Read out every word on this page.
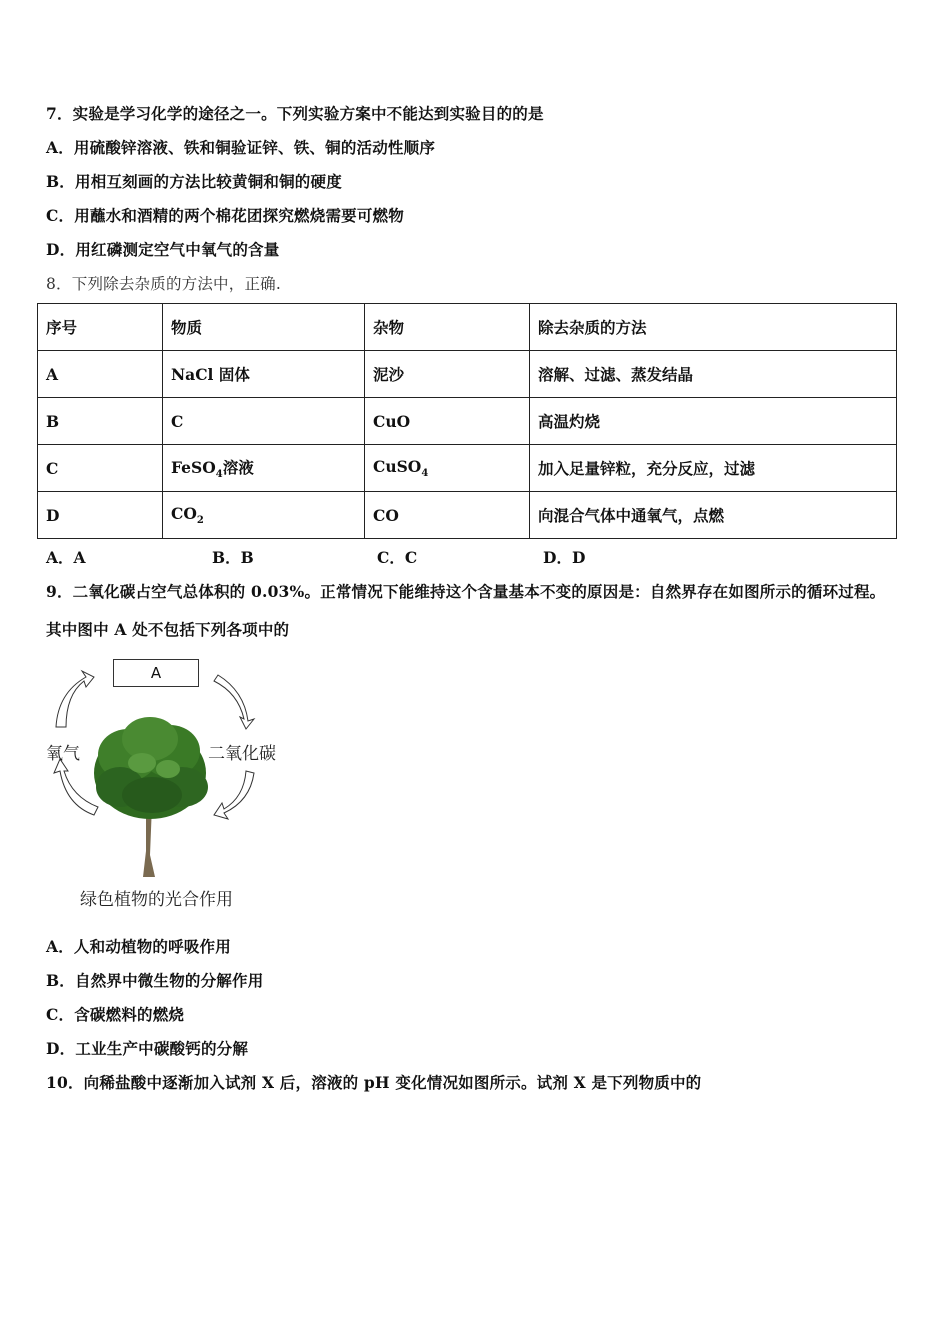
7．实验是学习化学的途径之一。下列实验方案中不能达到实验目的的是
A．用硫酸锌溶液、铁和铜验证锌、铁、铜的活动性顺序
B．用相互刻画的方法比较黄铜和铜的硬度
C．用蘸水和酒精的两个棉花团探究燃烧需要可燃物
D．用红磷测定空气中氧气的含量
8．下列除去杂质的方法中，正确.
序号	物质	杂物	除去杂质的方法
A	NaCl 固体	泥沙	溶解、过滤、蒸发结晶
B	C	CuO	高温灼烧
C	FeSO$_4$溶液	CuSO$_4$	加入足量锌粒，充分反应，过滤
D	$CO_2$	CO	向混合气体中通氧气，点燃
A．A	B．B	C．C	D．D
9．二氧化碳占空气总体积的 0.03%。正常情况下能维持这个含量基本不变的原因是：自然界存在如图所示的循环过程。
其中图中 A 处不包括下列各项中的
A
氧气	二氧化碳
绿色植物的光合作用
A．人和动植物的呼吸作用
B．自然界中微生物的分解作用
C．含碳燃料的燃烧
D．工业生产中碳酸钙的分解
10．向稀盐酸中逐渐加入试剂 X 后，溶液的 pH 变化情况如图所示。试剂 X 是下列物质中的
